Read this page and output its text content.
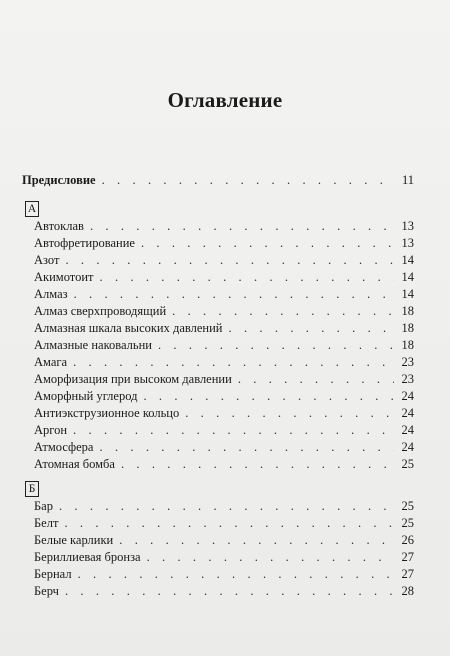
Оглавление
Предисловие . . .	11
А
Автоклав . . .	13
Автофретирование . . .	13
Азот . . .	14
Акимотоит . . .	14
Алмаз . . .	14
Алмаз сверхпроводящий . . .	18
Алмазная шкала высоких давлений . . .	18
Алмазные наковальни . . .	18
Амага . . .	23
Аморфизация при высоком давлении . . .	23
Аморфный углерод . . .	24
Антиэкструзионное кольцо . . .	24
Аргон . . .	24
Атмосфера . . .	24
Атомная бомба . . .	25
Б
Бар . . .	25
Белт . . .	25
Белые карлики . . .	26
Бериллиевая бронза . . .	27
Бернал . . .	27
Берч . . .	28
